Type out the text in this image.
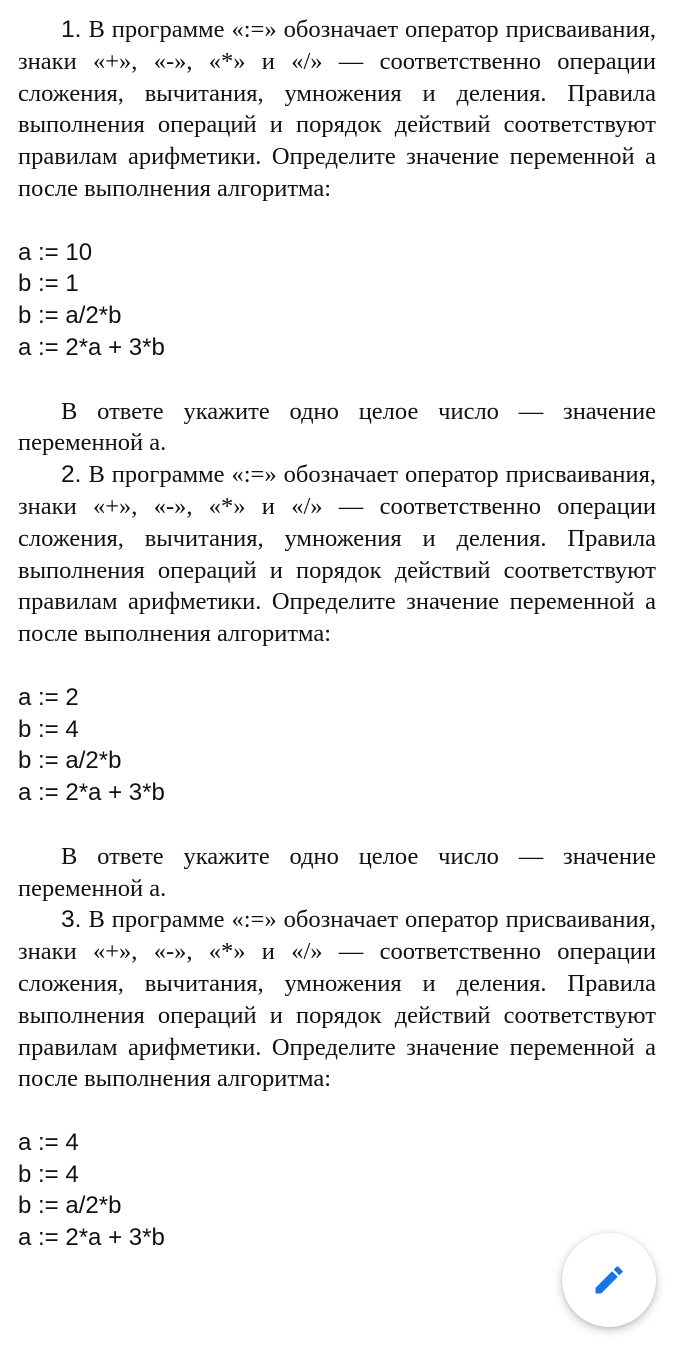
1. В программе «:=» обозначает оператор присваивания, знаки «+», «-», «*» и «/» — соответственно операции сложения, вычитания, умножения и деления. Правила выполнения операций и порядок действий соответствуют правилам арифметики. Определите значение переменной a после выполнения алгоритма:

a := 10

b := 1

b := a/2*b

a := 2*a + 3*b

В ответе укажите одно целое число — значение переменной a.

2. В программе «:=» обозначает оператор присваивания, знаки «+», «-», «*» и «/» — соответственно операции сложения, вычитания, умножения и деления. Правила выполнения операций и порядок действий соответствуют правилам арифметики. Определите значение переменной a после выполнения алгоритма:

a := 2

b := 4

b := a/2*b

a := 2*a + 3*b

В ответе укажите одно целое число — значение переменной a.

3. В программе «:=» обозначает оператор присваивания, знаки «+», «-», «*» и «/» — соответственно операции сложения, вычитания, умножения и деления. Правила выполнения операций и порядок действий соответствуют правилам арифметики. Определите значение переменной a после выполнения алгоритма:

a := 4

b := 4

b := a/2*b

a := 2*a + 3*b
